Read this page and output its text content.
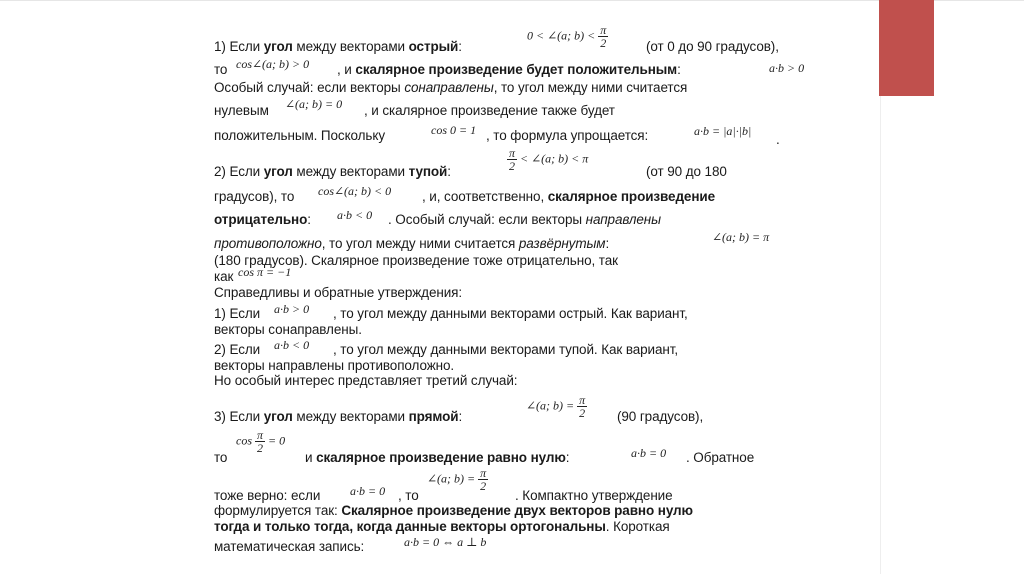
1) Если угол между векторами острый:
0 < ∠(a; $b) < \frac{\pi}{2}$	(от 0 до 90 градусов),
то cos∠(a; b) > 0 , и скалярное произведение будет положительным:	a·b > 0
Особый случай: если векторы сонаправлены, то угол между ними считается
нулевым ∠(a; b) = 0 , и скалярное произведение также будет
положительным. Поскольку	cos 0 = 1 , то формула упрощается:	a·b = |a|·|b|
.
2) Если угол между векторами тупой:	$\frac{\pi}{2}$ < ∠(a; b) < π
(от 90 до 180
градусов), то cos∠(a; b) < 0 , и, соответственно, скалярное произведение
отрицательно: a·b < 0 . Особый случай: если векторы направлены
противоположно, то угол между ними считается развёрнутым:	∠(a; b) = π
(180 градусов). Скалярное произведение тоже отрицательно, так
как cos π = −1
Справедливы и обратные утверждения:
1) Если a·b > 0 , то угол между данными векторами острый. Как вариант,
векторы сонаправлены.
2) Если a·b < 0 , то угол между данными векторами тупой. Как вариант,
векторы направлены противоположно.
Но особый интерес представляет третий случай:
3) Если угол между векторами прямой:
∠(a; $b) = \frac{\pi}{2} (90$ градусов),
то
$\cos \frac{\pi}{2} = 0$
и скалярное произведение равно нулю:	a·b = 0 . Обратное
тоже верно: если a·b = 0 , то
∠(a; $b) = \frac{\pi}{2}$
. Компактно утверждение
формулируется так: Скалярное произведение двух векторов равно нулю
тогда и только тогда, когда данные векторы ортогональны. Короткая
математическая запись:	a·b = 0 ⇔ a ⊥ b
